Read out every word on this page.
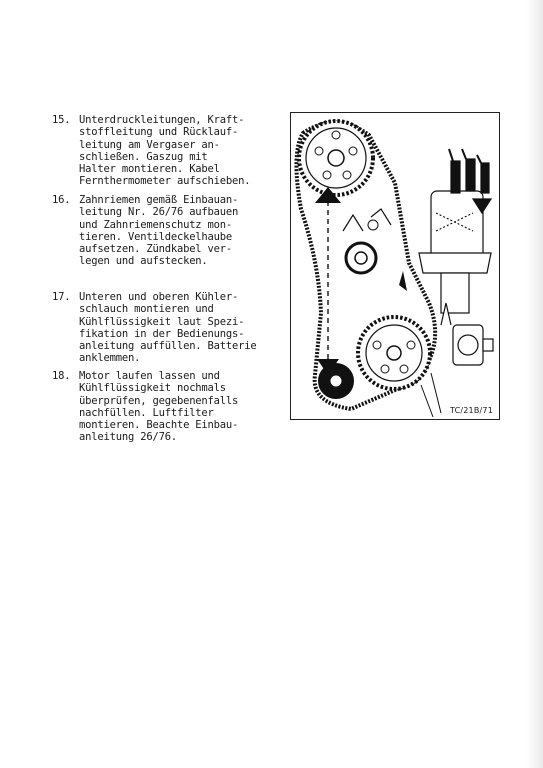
15. Unterdruckleitungen, Kraft-
stoffleitung und Rücklauf-
leitung am Vergaser an-
schließen. Gaszug mit
Halter montieren. Kabel
Fernthermometer aufschieben.
16. Zahnriemen gemäß Einbauan-
leitung Nr. 26/76 aufbauen
und Zahnriemenschutz mon-
tieren. Ventildeckelhaube
aufsetzen. Zündkabel ver-
legen und aufstecken.
17. Unteren und oberen Kühler-
schlauch montieren und
Kühlflüssigkeit laut Spezi-
fikation in der Bedienungs-
anleitung auffüllen. Batterie
anklemmen.
18. Motor laufen lassen und
Kühlflüssigkeit nochmals
überprüfen, gegebenenfalls
nachfüllen. Luftfilter
montieren. Beachte Einbau-
anleitung 26/76.
TC/21B/71
